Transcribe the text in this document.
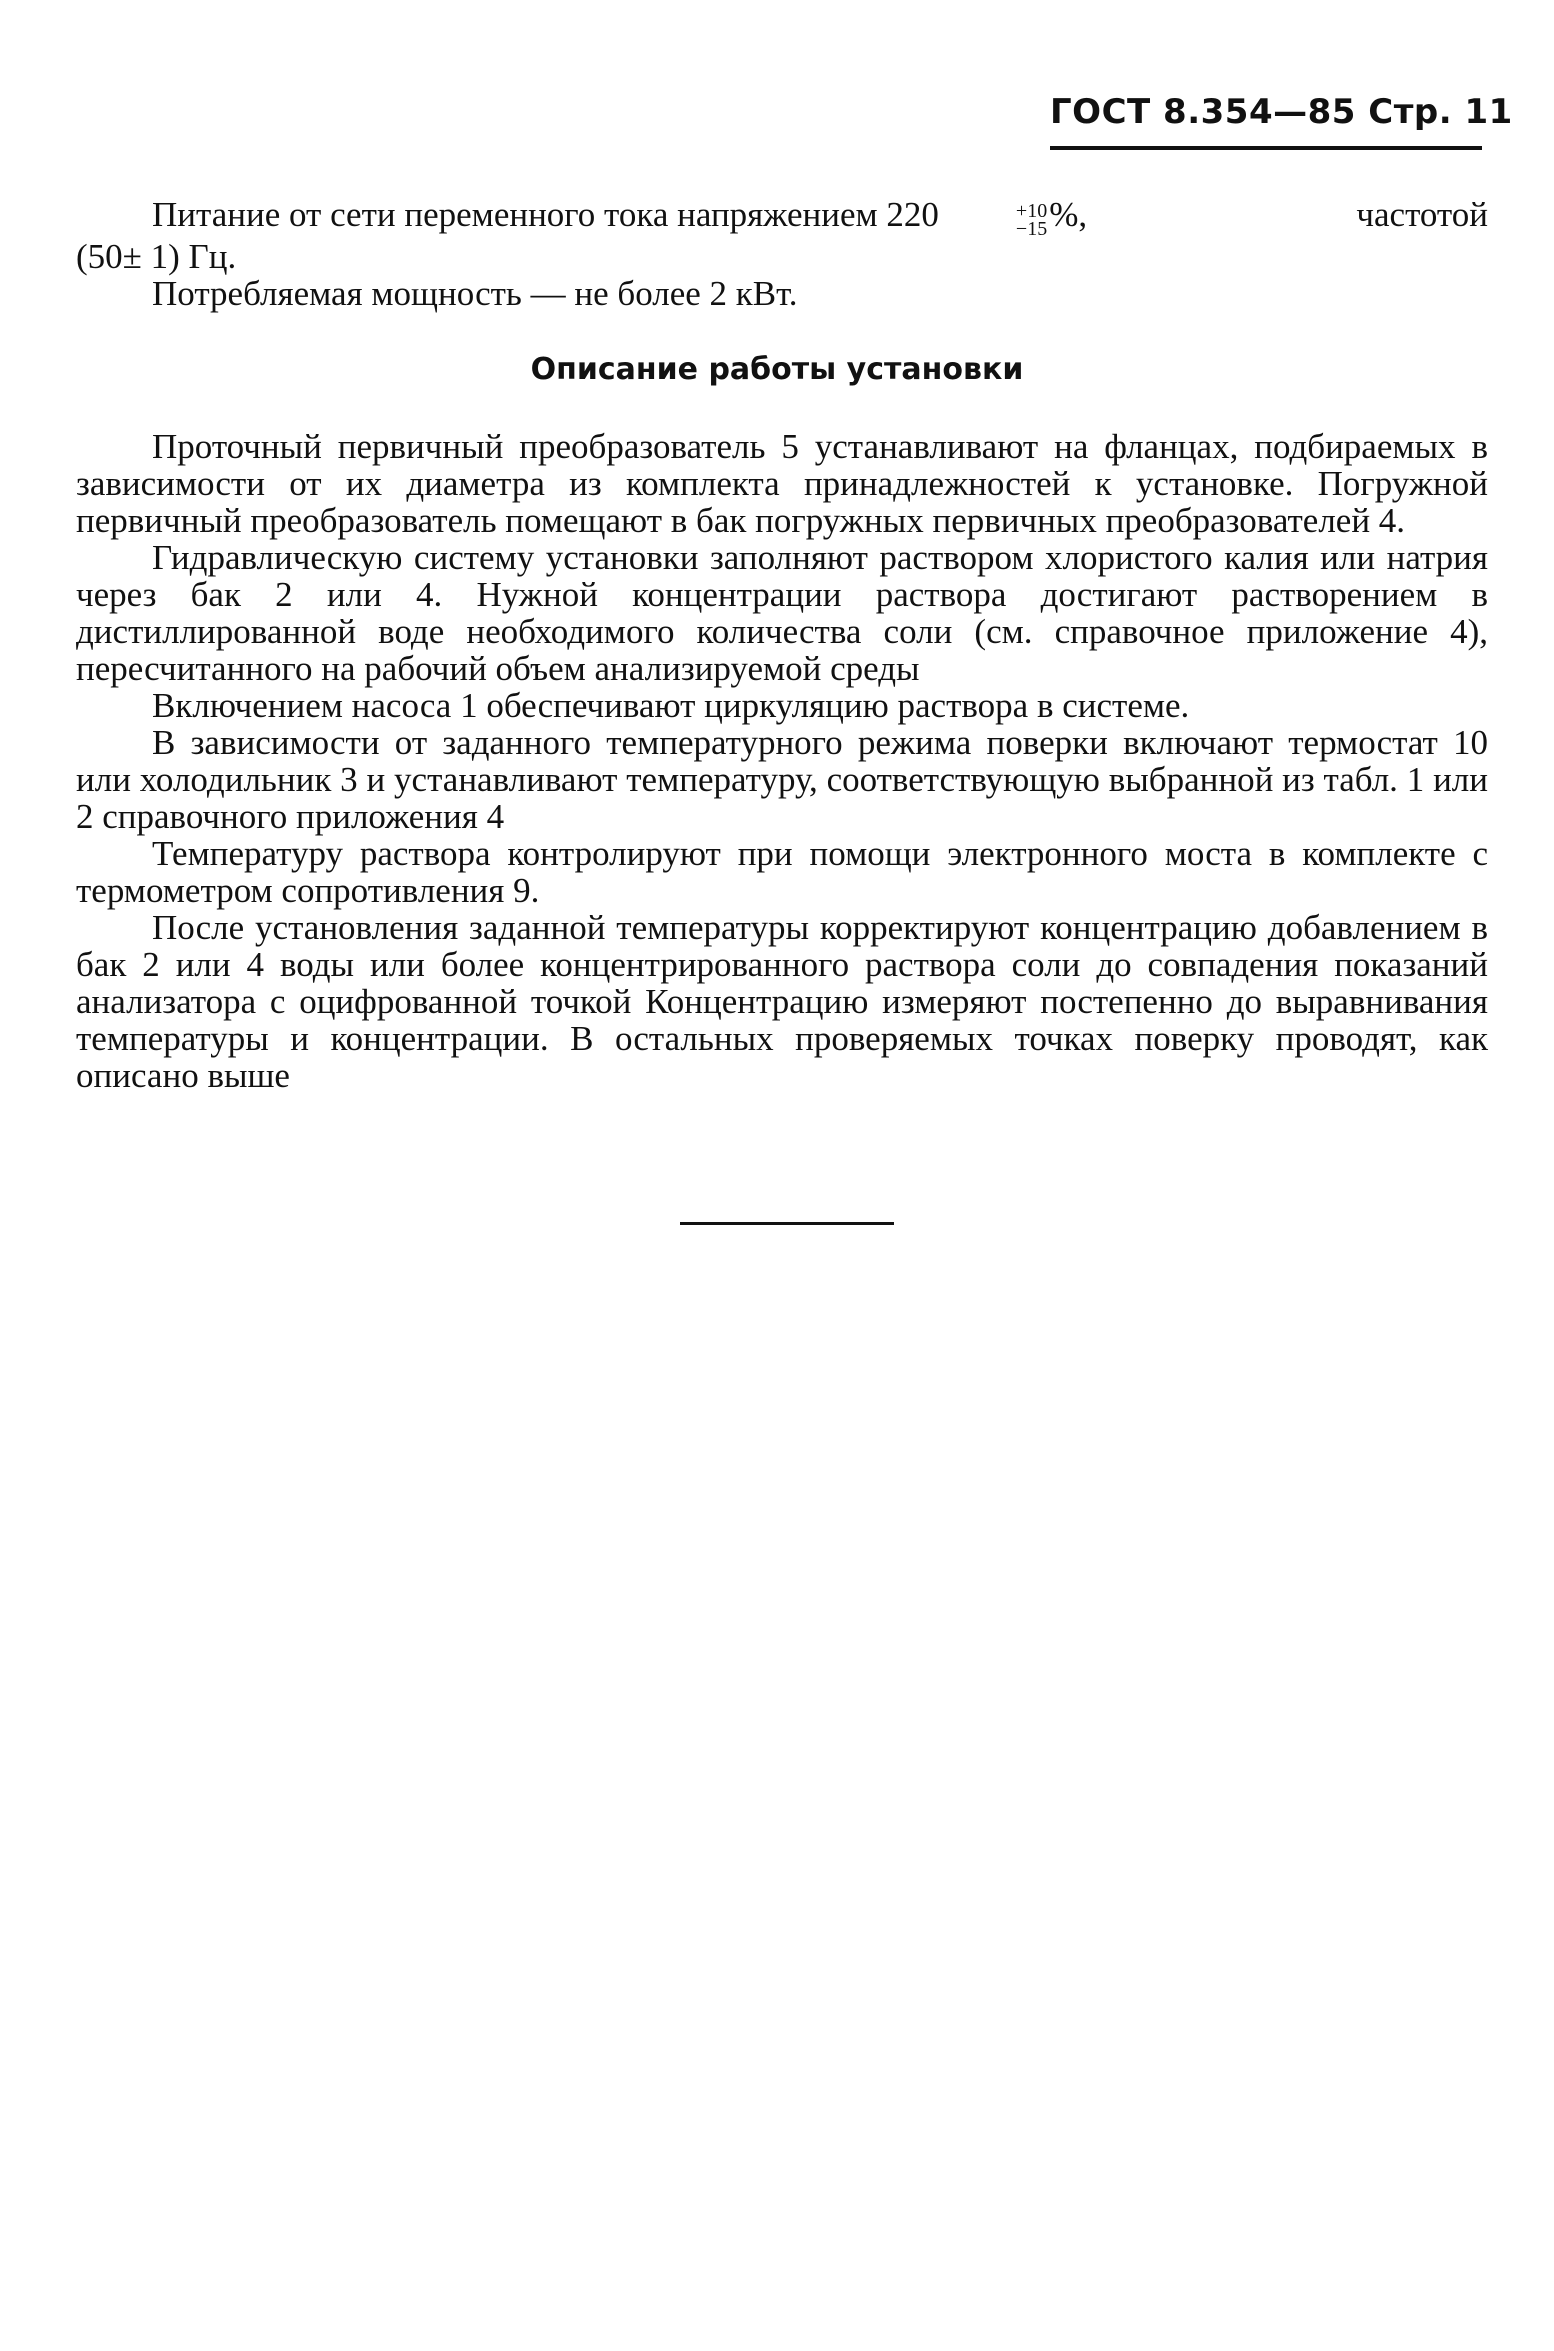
ГОСТ 8.354—85 Стр. 11
Питание от сети переменного тока напряжением 220	+10
−15 %,	частотой

(50± 1) Гц.

Потребляемая мощность — не более 2 кВт.

Описание работы установки

Проточный первичный преобразователь 5 устанавливают на фланцах, подбираемых в зависимости от их диаметра из комплекта принадлежностей к установке. Погружной первичный преобразователь помещают в бак погружных первичных преобразователей 4.

Гидравлическую систему установки заполняют раствором хлористого калия или натрия через бак 2 или 4. Нужной концентрации раствора достигают растворением в дистиллированной воде необходимого количества соли (см. справочное приложение 4), пересчитанного на рабочий объем анализируемой среды

Включением насоса 1 обеспечивают циркуляцию раствора в системе.

В зависимости от заданного температурного режима поверки включают термостат 10 или холодильник 3 и устанавливают температуру, соответствующую выбранной из табл. 1 или 2 справочного приложения 4

Температуру раствора контролируют при помощи электронного моста в комплекте с термометром сопротивления 9.

После установления заданной температуры корректируют концентрацию добавлением в бак 2 или 4 воды или более концентрированного раствора соли до совпадения показаний анализатора с оцифрованной точкой Концентрацию измеряют постепенно до выравнивания температуры и концентрации. В остальных проверяемых точках поверку проводят, как описано выше
